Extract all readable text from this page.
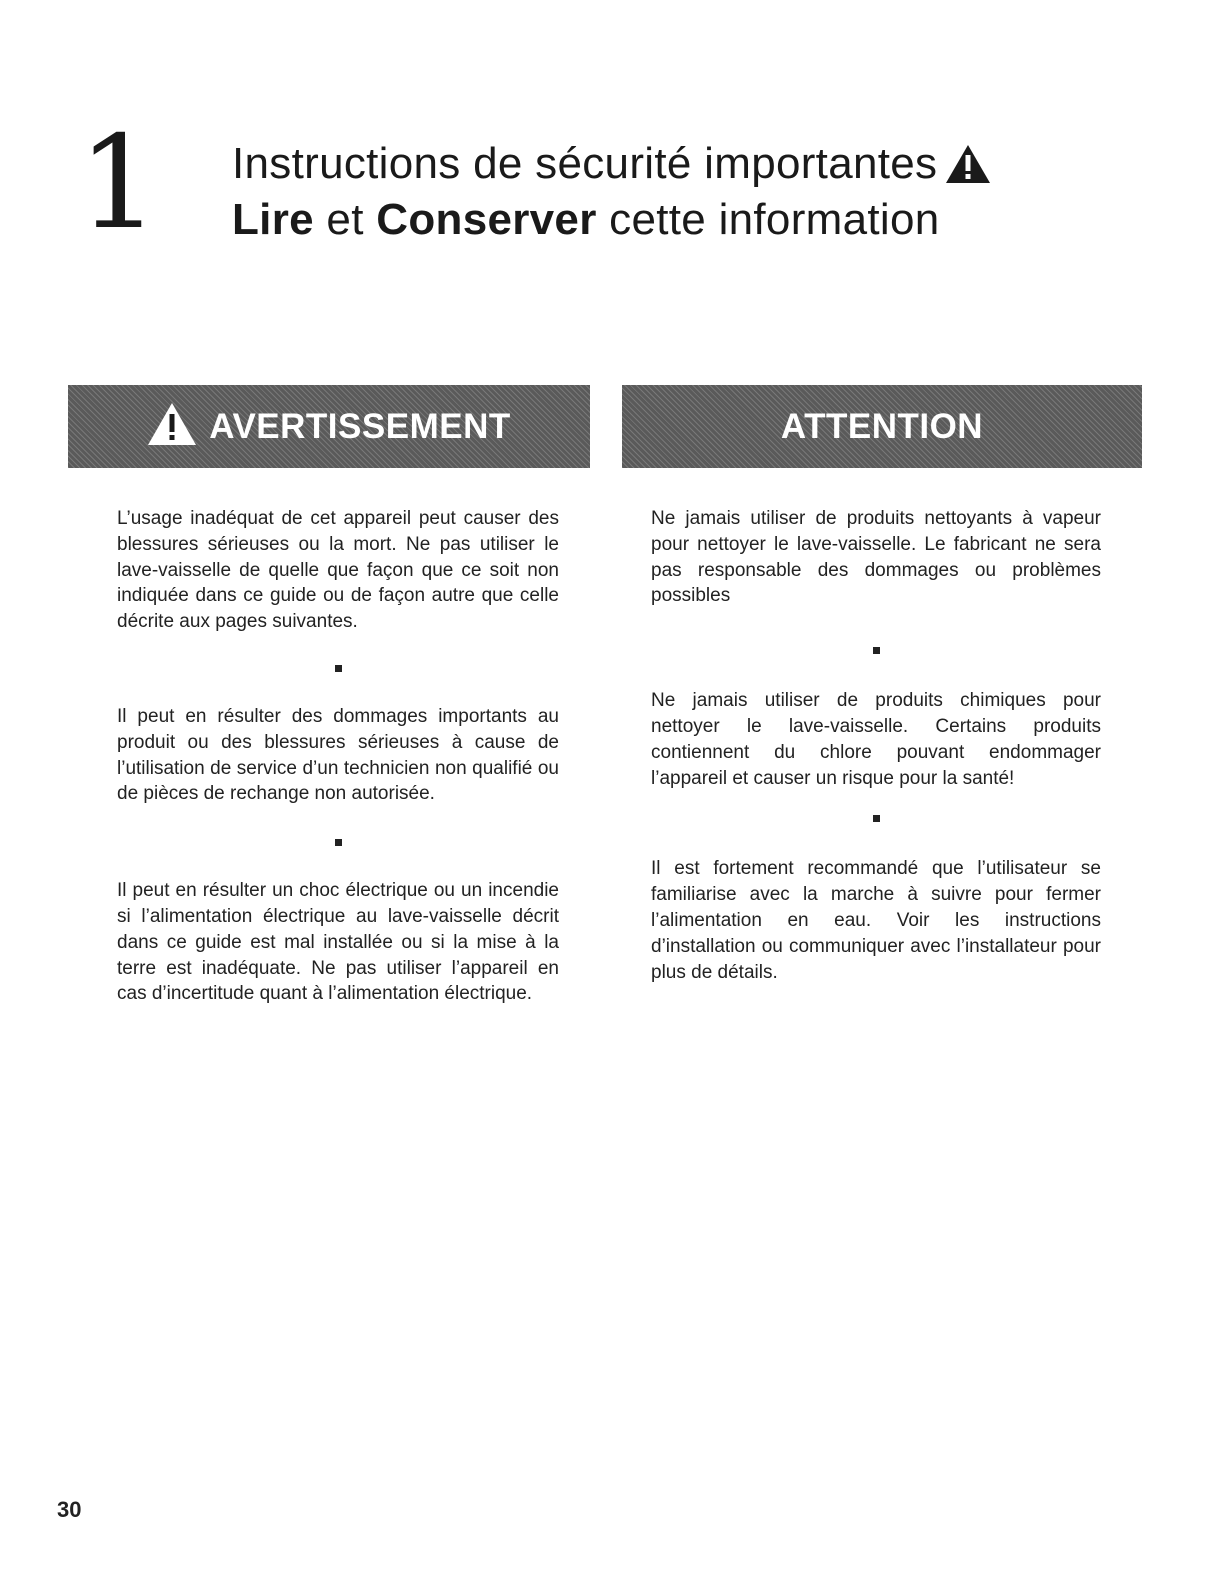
1 Instructions de sécurité importantes
Lire et Conserver cette information
AVERTISSEMENT	ATTENTION

L’usage inadéquat de cet appareil peut causer des blessures sérieuses ou la mort. Ne pas utiliser le lave-vaisselle de quelle que façon que ce soit non indiquée dans ce guide ou de façon autre que celle décrite aux pages suivantes.

Il peut en résulter des dommages importants au produit ou des blessures sérieuses à cause de l’utilisation de service d’un technicien non qualifié ou de pièces de rechange non autorisée.

Il peut en résulter un choc électrique ou un incendie si l’alimentation électrique au lave-vaisselle décrit dans ce guide est mal installée ou si la mise à la terre est inadéquate. Ne pas utiliser l’appareil en cas d’incertitude quant à l’alimentation électrique.

Ne jamais utiliser de produits nettoyants à vapeur pour nettoyer le lave-vaisselle. Le fabricant ne sera pas responsable des dommages ou problèmes possibles

Ne jamais utiliser de produits chimiques pour nettoyer le lave-vaisselle. Certains produits contiennent du chlore pouvant endommager l’appareil et causer un risque pour la santé!

Il est fortement recommandé que l’utilisateur se familiarise avec la marche à suivre pour fermer l’alimentation en eau. Voir les instructions d’installation ou communiquer avec l’installateur pour plus de détails.

30
